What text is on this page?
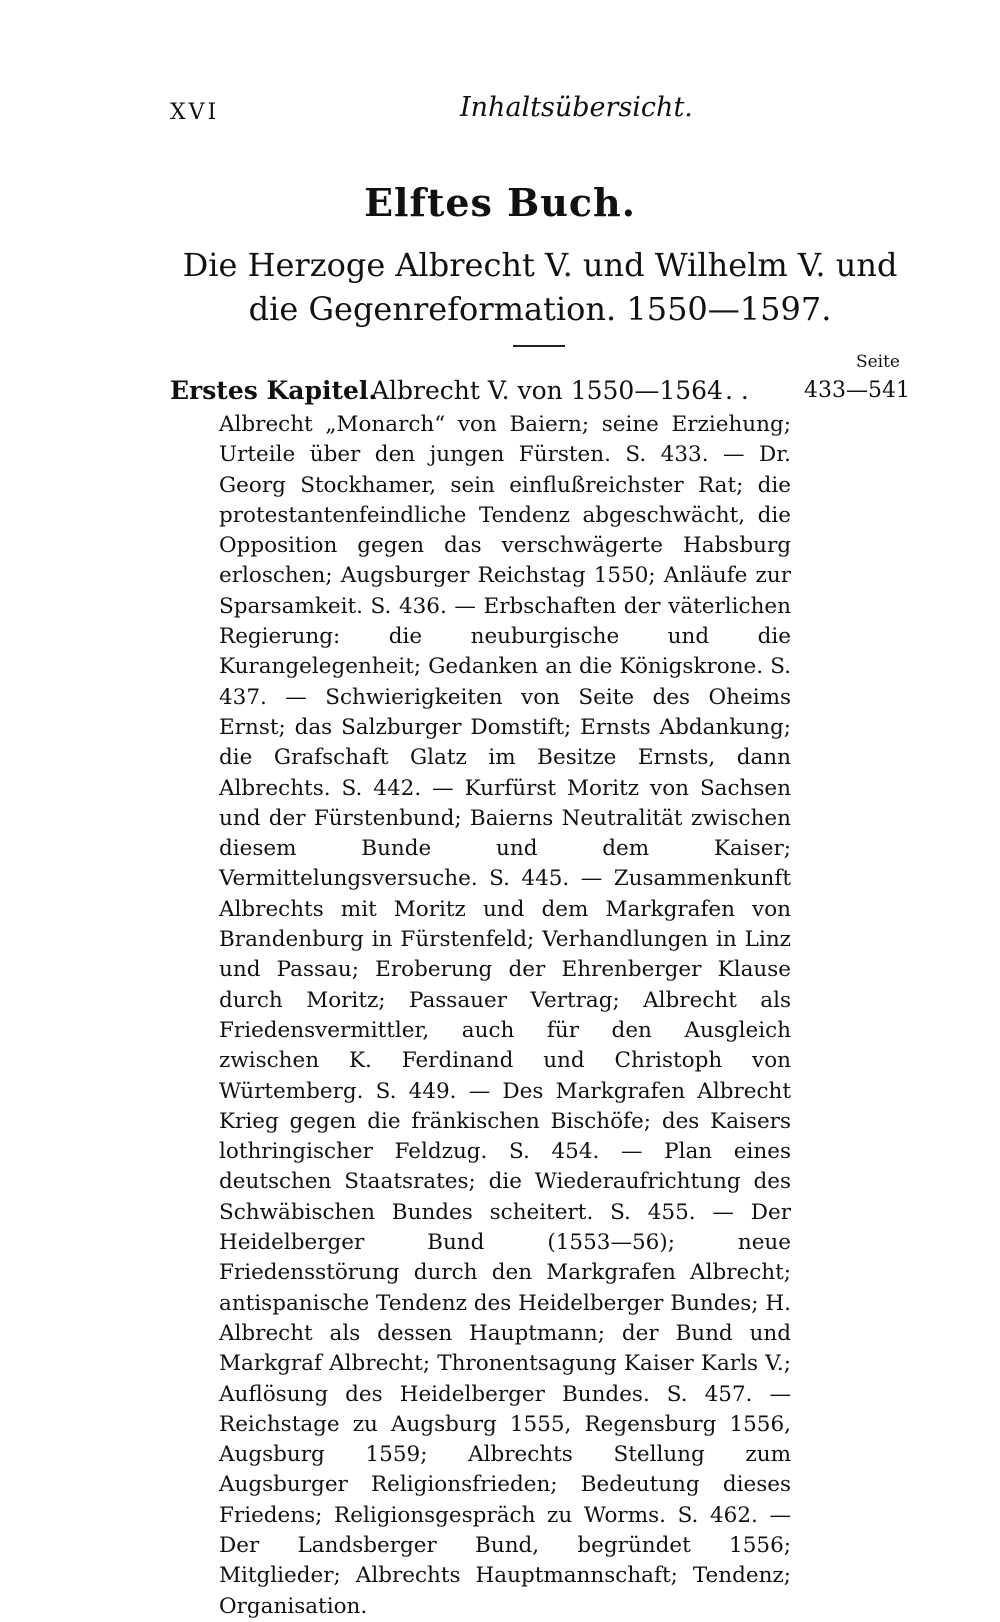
XVI	Inhaltsübersicht.
Elftes Buch.
Die Herzoge Albrecht V. und Wilhelm V. und die Gegenreformation. 1550—1597.
Seite
Erstes Kapitel.
Albrecht V. von 1550—1564 . .	433—541
Albrecht „Monarch“ von Baiern; seine Erziehung; Urteile über den jungen Fürsten. S. 433. — Dr. Georg Stockhamer, sein einflußreichster Rat; die protestantenfeindliche Tendenz abgeschwächt, die Opposition gegen das verschwägerte Habsburg erloschen; Augsburger Reichstag 1550; Anläufe zur Sparsamkeit. S. 436. — Erbschaften der väterlichen Regierung: die neuburgische und die Kurangelegenheit; Gedanken an die Königskrone. S. 437. — Schwierigkeiten von Seite des Oheims Ernst; das Salzburger Domstift; Ernsts Abdankung; die Grafschaft Glatz im Besitze Ernsts, dann Albrechts. S. 442. — Kurfürst Moritz von Sachsen und der Fürstenbund; Baierns Neutralität zwischen diesem Bunde und dem Kaiser; Vermittelungsversuche. S. 445. — Zusammenkunft Albrechts mit Moritz und dem Markgrafen von Brandenburg in Fürstenfeld; Verhandlungen in Linz und Passau; Eroberung der Ehrenberger Klause durch Moritz; Passauer Vertrag; Albrecht als Friedensvermittler, auch für den Ausgleich zwischen K. Ferdinand und Christoph von Würtemberg. S. 449. — Des Markgrafen Albrecht Krieg gegen die fränkischen Bischöfe; des Kaisers lothringischer Feldzug. S. 454. — Plan eines deutschen Staatsrates; die Wiederaufrichtung des Schwäbischen Bundes scheitert. S. 455. — Der Heidelberger Bund (1553—56); neue Friedensstörung durch den Markgrafen Albrecht; antispanische Tendenz des Heidelberger Bundes; H. Albrecht als dessen Hauptmann; der Bund und Markgraf Albrecht; Thronentsagung Kaiser Karls V.; Auflösung des Heidelberger Bundes. S. 457. — Reichstage zu Augsburg 1555, Regensburg 1556, Augsburg 1559; Albrechts Stellung zum Augsburger Religionsfrieden; Bedeutung dieses Friedens; Religionsgespräch zu Worms. S. 462. — Der Landsberger Bund, begründet 1556; Mitglieder; Albrechts Hauptmannschaft; Tendenz; Organisation.
